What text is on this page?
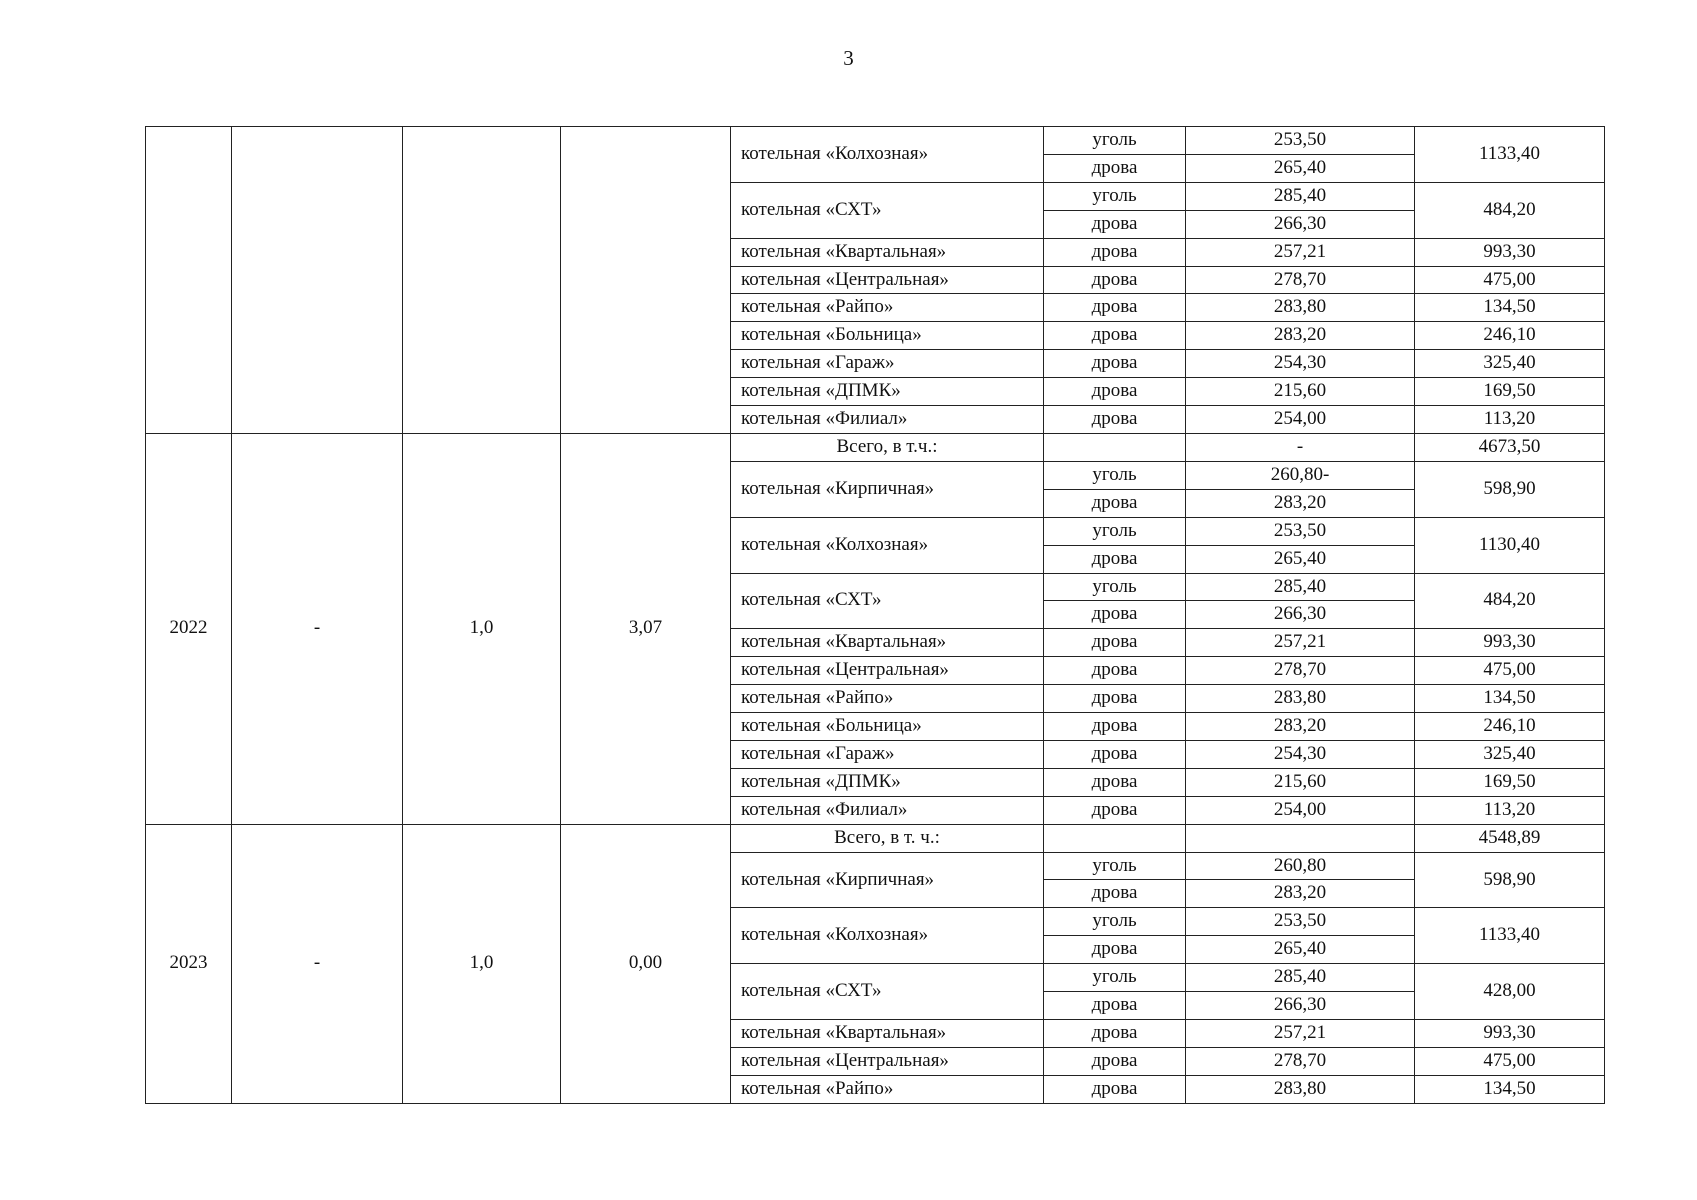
3
				котельная «Колхозная»	уголь	253,50	1133,40
					дрова	265,40	
				котельная «СХТ»	уголь	285,40	484,20
					дрова	266,30	
				котельная «Квартальная»	дрова	257,21	993,30
				котельная «Центральная»	дрова	278,70	475,00
				котельная «Райпо»	дрова	283,80	134,50
				котельная «Больница»	дрова	283,20	246,10
				котельная «Гараж»	дрова	254,30	325,40
				котельная «ДПМК»	дрова	215,60	169,50
				котельная «Филиал»	дрова	254,00	113,20
2022	-	1,0	3,07	Всего, в т.ч.:		-	4673,50
				котельная «Кирпичная»	уголь	260,80-	598,90
					дрова	283,20	
				котельная «Колхозная»	уголь	253,50	1130,40
					дрова	265,40	
				котельная «СХТ»	уголь	285,40	484,20
					дрова	266,30	
				котельная «Квартальная»	дрова	257,21	993,30
				котельная «Центральная»	дрова	278,70	475,00
				котельная «Райпо»	дрова	283,80	134,50
				котельная «Больница»	дрова	283,20	246,10
				котельная «Гараж»	дрова	254,30	325,40
				котельная «ДПМК»	дрова	215,60	169,50
				котельная «Филиал»	дрова	254,00	113,20
2023	-	1,0	0,00	Всего, в т. ч.:			4548,89
				котельная «Кирпичная»	уголь	260,80	598,90
					дрова	283,20	
				котельная «Колхозная»	уголь	253,50	1133,40
					дрова	265,40	
				котельная «СХТ»	уголь	285,40	428,00
					дрова	266,30	
				котельная «Квартальная»	дрова	257,21	993,30
				котельная «Центральная»	дрова	278,70	475,00
				котельная «Райпо»	дрова	283,80	134,50
